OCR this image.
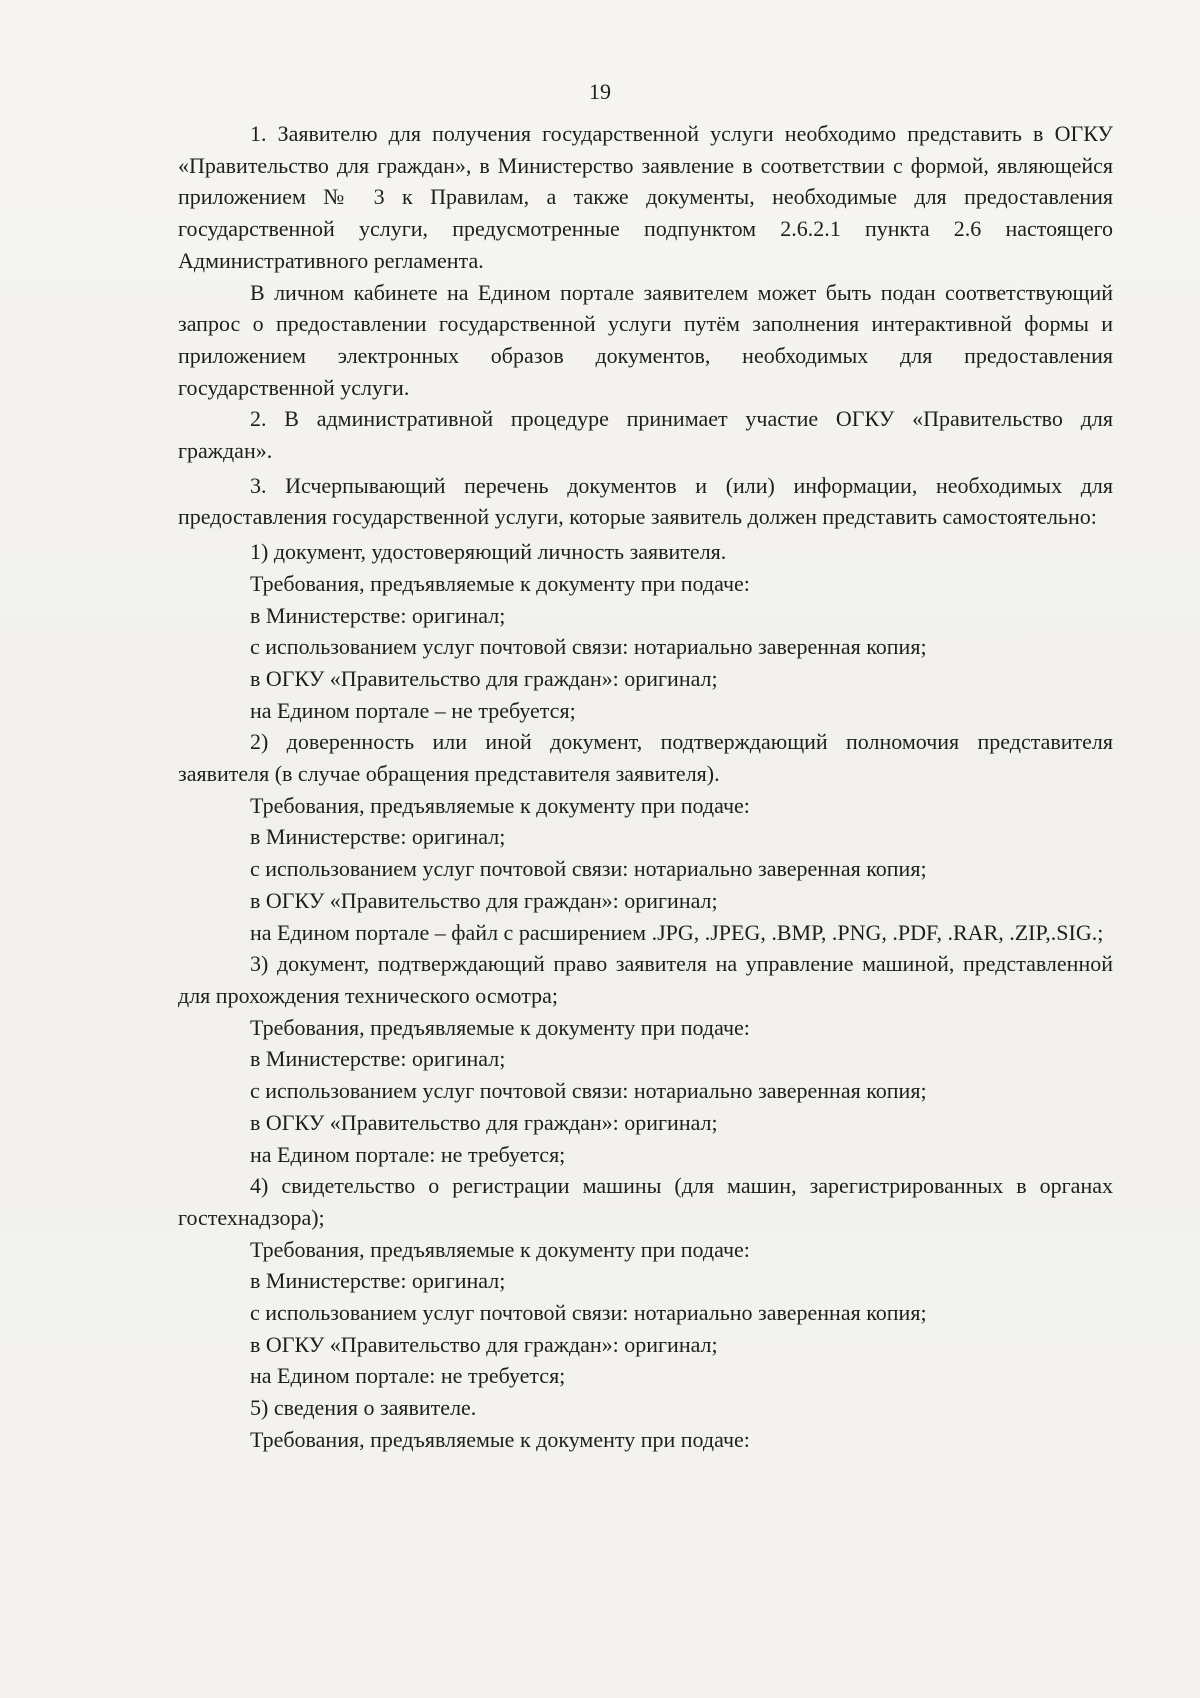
19

1. Заявителю для получения государственной услуги необходимо представить в ОГКУ «Правительство для граждан», в Министерство заявление в соответствии с формой, являющейся приложением № 3 к Правилам, а также документы, необходимые для предоставления государственной услуги, предусмотренные подпунктом 2.6.2.1 пункта 2.6 настоящего Административного регламента.

В личном кабинете на Едином портале заявителем может быть подан соответствующий запрос о предоставлении государственной услуги путём заполнения интерактивной формы и приложением электронных образов документов, необходимых для предоставления государственной услуги.

2. В административной процедуре принимает участие ОГКУ «Правительство для граждан».

3. Исчерпывающий перечень документов и (или) информации, необходимых для предоставления государственной услуги, которые заявитель должен представить самостоятельно:

1) документ, удостоверяющий личность заявителя.

Требования, предъявляемые к документу при подаче:

в Министерстве: оригинал;

с использованием услуг почтовой связи: нотариально заверенная копия;

в ОГКУ «Правительство для граждан»: оригинал;

на Едином портале – не требуется;

2) доверенность или иной документ, подтверждающий полномочия представителя заявителя (в случае обращения представителя заявителя).

Требования, предъявляемые к документу при подаче:

в Министерстве: оригинал;

с использованием услуг почтовой связи: нотариально заверенная копия;

в ОГКУ «Правительство для граждан»: оригинал;

на Едином портале – файл с расширением .JPG, .JPEG, .BMP, .PNG, .PDF, .RAR, .ZIP,.SIG.;

3) документ, подтверждающий право заявителя на управление машиной, представленной для прохождения технического осмотра;

Требования, предъявляемые к документу при подаче:

в Министерстве: оригинал;

с использованием услуг почтовой связи: нотариально заверенная копия;

в ОГКУ «Правительство для граждан»: оригинал;

на Едином портале: не требуется;

4) свидетельство о регистрации машины (для машин, зарегистрированных в органах гостехнадзора);

Требования, предъявляемые к документу при подаче:

в Министерстве: оригинал;

с использованием услуг почтовой связи: нотариально заверенная копия;

в ОГКУ «Правительство для граждан»: оригинал;

на Едином портале: не требуется;

5) сведения о заявителе.

Требования, предъявляемые к документу при подаче:
